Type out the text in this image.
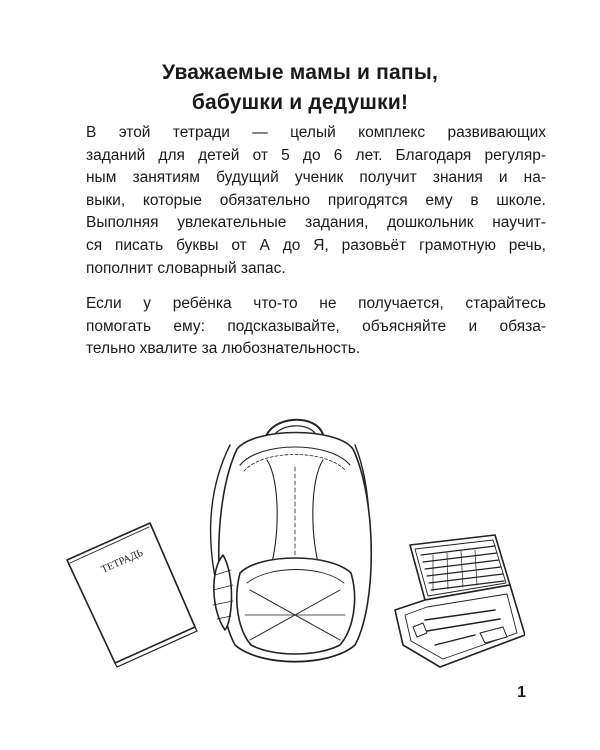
Уважаемые мамы и папы,
бабушки и дедушки!

В этой тетради — целый комплекс развивающих
заданий для детей от 5 до 6 лет. Благодаря регуляр-
ным занятиям будущий ученик получит знания и на-
выки, которые обязательно пригодятся ему в школе.
Выполняя увлекательные задания, дошкольник научит-
ся писать буквы от А до Я, разовьёт грамотную речь,
пополнит словарный запас.

Если у ребёнка что-то не получается, старайтесь
помогать ему: подсказывайте, объясняйте и обяза-
тельно хвалите за любознательность.

ТЕТРАДЬ
1
